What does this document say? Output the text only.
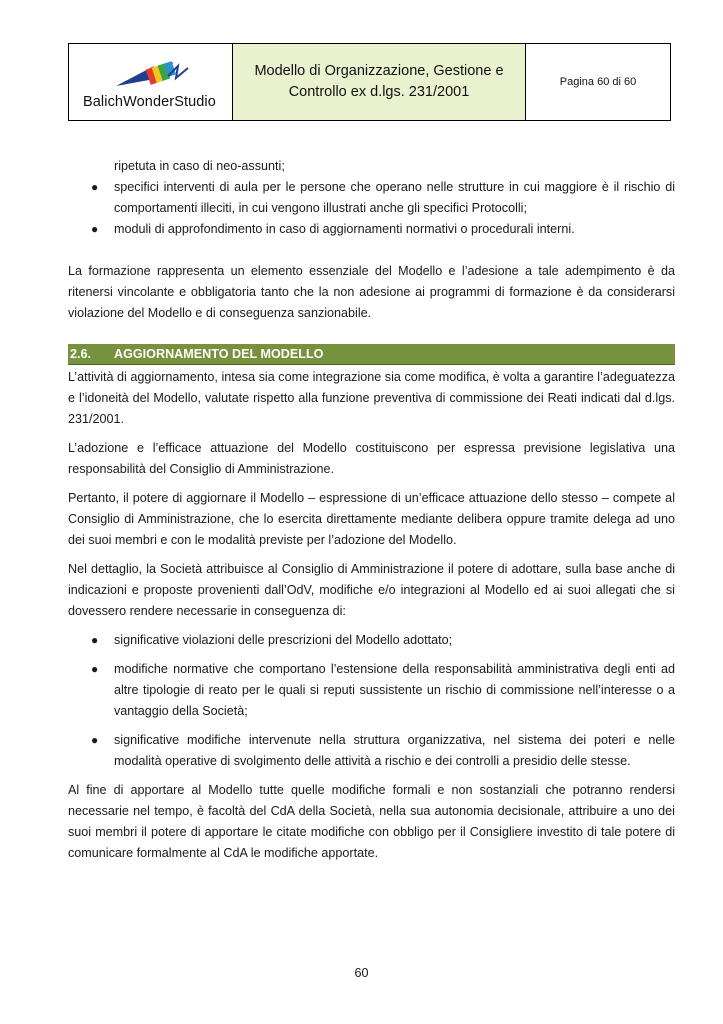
BalichWonderStudio
Modello di Organizzazione, Gestione e
Controllo ex d.lgs. 231/2001
Pagina 60 di 60
ripetuta in caso di neo-assunti;
● specifici interventi di aula per le persone che operano nelle strutture in cui maggiore è il rischio di comportamenti illeciti, in cui vengono illustrati anche gli specifici Protocolli;
● moduli di approfondimento in caso di aggiornamenti normativi o procedurali interni.

La formazione rappresenta un elemento essenziale del Modello e l’adesione a tale adempimento è da ritenersi vincolante e obbligatoria tanto che la non adesione ai programmi di formazione è da considerarsi violazione del Modello e di conseguenza sanzionabile.

2.6.	AGGIORNAMENTO DEL MODELLO

L’attività di aggiornamento, intesa sia come integrazione sia come modifica, è volta a garantire l’adeguatezza e l’idoneità del Modello, valutate rispetto alla funzione preventiva di commissione dei Reati indicati dal d.lgs. 231/2001.

L’adozione e l’efficace attuazione del Modello costituiscono per espressa previsione legislativa una responsabilità del Consiglio di Amministrazione.

Pertanto, il potere di aggiornare il Modello – espressione di un’efficace attuazione dello stesso – compete al Consiglio di Amministrazione, che lo esercita direttamente mediante delibera oppure tramite delega ad uno dei suoi membri e con le modalità previste per l’adozione del Modello.

Nel dettaglio, la Società attribuisce al Consiglio di Amministrazione il potere di adottare, sulla base anche di indicazioni e proposte provenienti dall’OdV, modifiche e/o integrazioni al Modello ed ai suoi allegati che si dovessero rendere necessarie in conseguenza di:

● significative violazioni delle prescrizioni del Modello adottato;
● modifiche normative che comportano l’estensione della responsabilità amministrativa degli enti ad altre tipologie di reato per le quali si reputi sussistente un rischio di commissione nell’interesse o a vantaggio della Società;
● significative modifiche intervenute nella struttura organizzativa, nel sistema dei poteri e nelle modalità operative di svolgimento delle attività a rischio e dei controlli a presidio delle stesse.

Al fine di apportare al Modello tutte quelle modifiche formali e non sostanziali che potranno rendersi necessarie nel tempo, è facoltà del CdA della Società, nella sua autonomia decisionale, attribuire a uno dei suoi membri il potere di apportare le citate modifiche con obbligo per il Consigliere investito di tale potere di comunicare formalmente al CdA le modifiche apportate.

60
